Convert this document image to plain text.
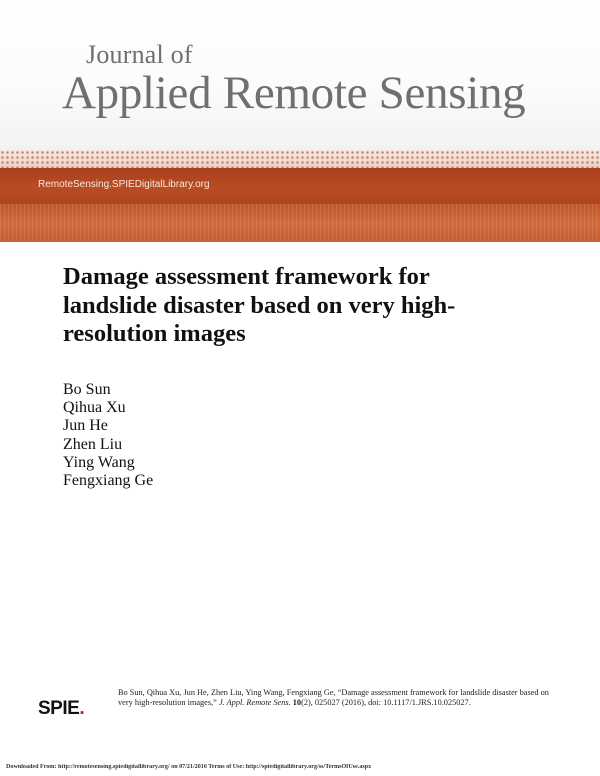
Journal of
Applied Remote Sensing
RemoteSensing.SPIEDigitalLibrary.org
Damage assessment framework for landslide disaster based on very high-resolution images
Bo Sun
Qihua Xu
Jun He
Zhen Liu
Ying Wang
Fengxiang Ge
SPIE.
Bo Sun, Qihua Xu, Jun He, Zhen Liu, Ying Wang, Fengxiang Ge, “Damage assessment framework for landslide disaster based on very high-resolution images,” J. Appl. Remote Sens. 10(2), 025027 (2016), doi: 10.1117/1.JRS.10.025027.
Downloaded From: http://remotesensing.spiedigitallibrary.org/ on 07/21/2016 Terms of Use: http://spiedigitallibrary.org/ss/TermsOfUse.aspx
